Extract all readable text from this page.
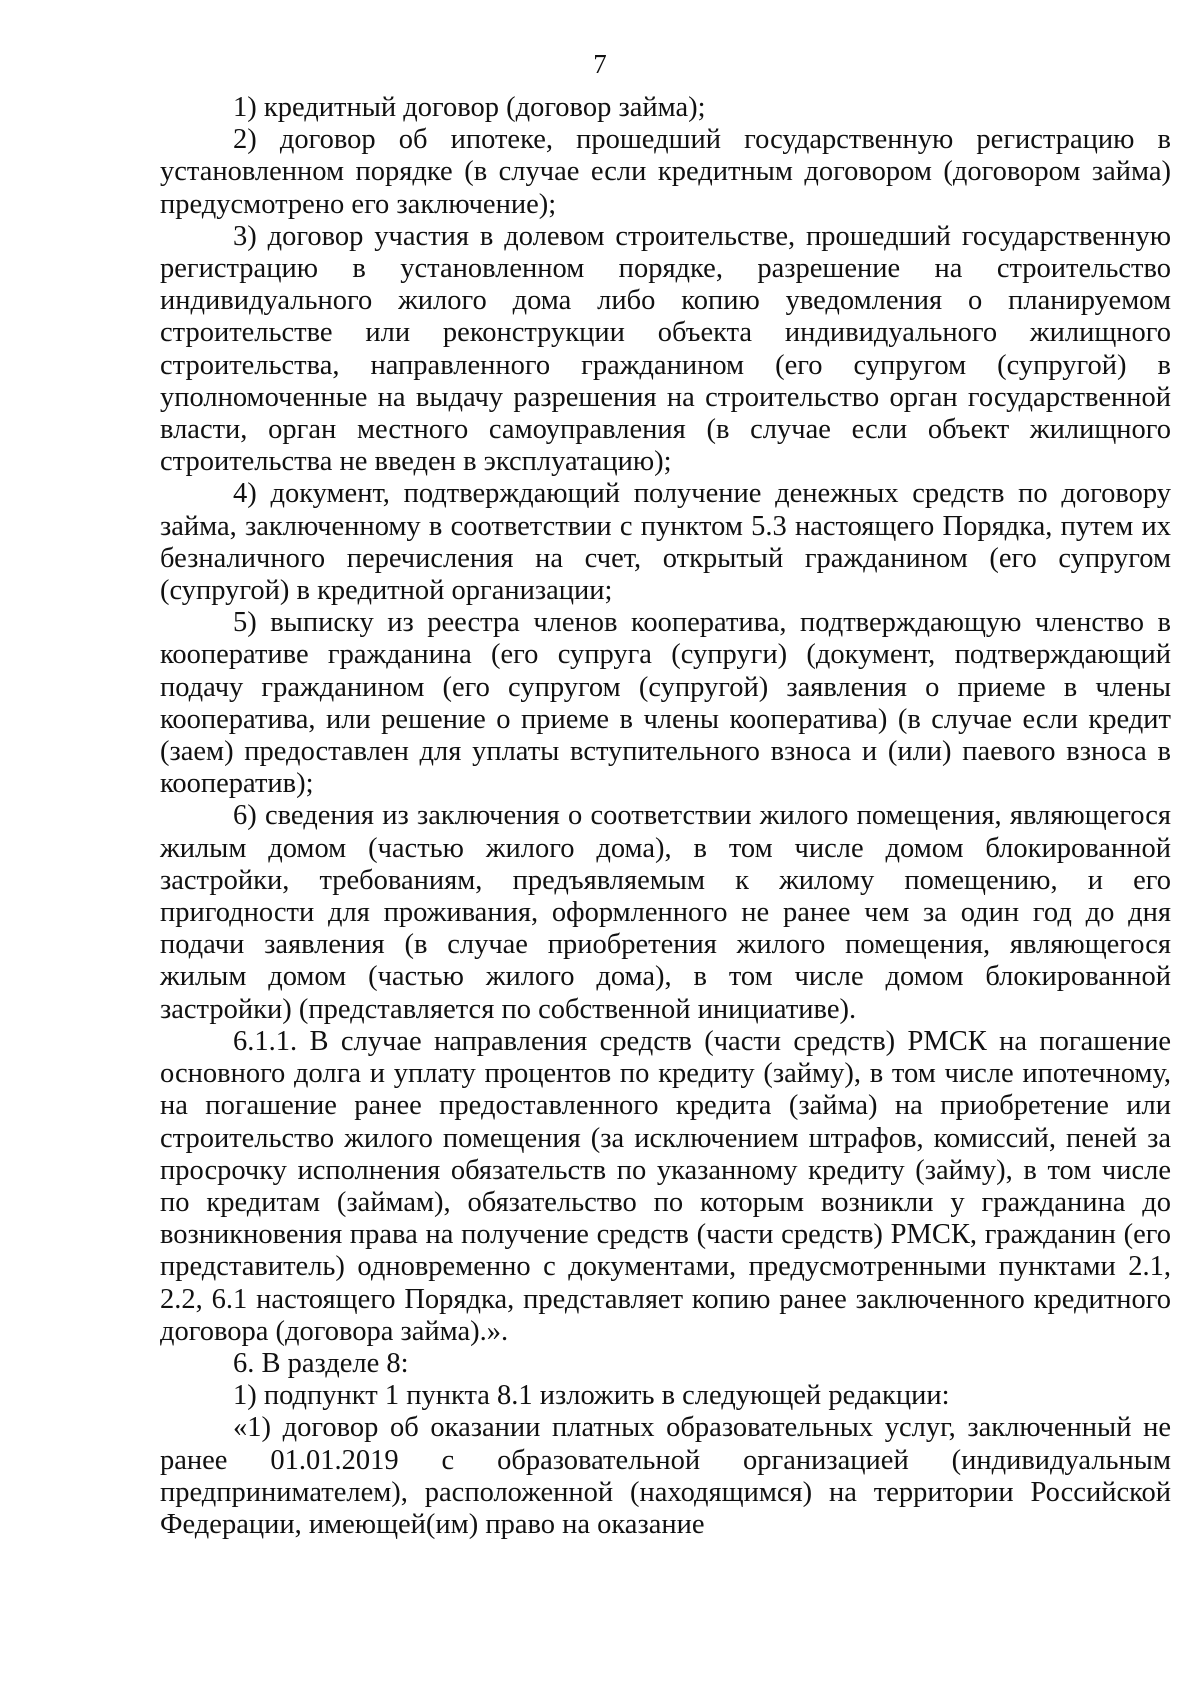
7

1) кредитный договор (договор займа);

2) договор об ипотеке, прошедший государственную регистрацию в установленном порядке (в случае если кредитным договором (договором займа) предусмотрено его заключение);

3) договор участия в долевом строительстве, прошедший государственную регистрацию в установленном порядке, разрешение на строительство индивидуального жилого дома либо копию уведомления о планируемом строительстве или реконструкции объекта индивидуального жилищного строительства, направленного гражданином (его супругом (супругой) в уполномоченные на выдачу разрешения на строительство орган государственной власти, орган местного самоуправления (в случае если объект жилищного строительства не введен в эксплуатацию);

4) документ, подтверждающий получение денежных средств по договору займа, заключенному в соответствии с пунктом 5.3 настоящего Порядка, путем их безналичного перечисления на счет, открытый гражданином (его супругом (супругой) в кредитной организации;

5) выписку из реестра членов кооператива, подтверждающую членство в кооперативе гражданина (его супруга (супруги) (документ, подтверждающий подачу гражданином (его супругом (супругой) заявления о приеме в члены кооператива, или решение о приеме в члены кооператива) (в случае если кредит (заем) предоставлен для уплаты вступительного взноса и (или) паевого взноса в кооператив);

6) сведения из заключения о соответствии жилого помещения, являющегося жилым домом (частью жилого дома), в том числе домом блокированной застройки, требованиям, предъявляемым к жилому помещению, и его пригодности для проживания, оформленного не ранее чем за один год до дня подачи заявления (в случае приобретения жилого помещения, являющегося жилым домом (частью жилого дома), в том числе домом блокированной застройки) (представляется по собственной инициативе).

6.1.1. В случае направления средств (части средств) РМСК на погашение основного долга и уплату процентов по кредиту (займу), в том числе ипотечному, на погашение ранее предоставленного кредита (займа) на приобретение или строительство жилого помещения (за исключением штрафов, комиссий, пеней за просрочку исполнения обязательств по указанному кредиту (займу), в том числе по кредитам (займам), обязательство по которым возникли у гражданина до возникновения права на получение средств (части средств) РМСК, гражданин (его представитель) одновременно с документами, предусмотренными пунктами 2.1, 2.2, 6.1 настоящего Порядка, представляет копию ранее заключенного кредитного договора (договора займа).».

6. В разделе 8:

1) подпункт 1 пункта 8.1 изложить в следующей редакции:

«1) договор об оказании платных образовательных услуг, заключенный не ранее 01.01.2019 с образовательной организацией (индивидуальным предпринимателем), расположенной (находящимся) на территории Российской Федерации, имеющей(им) право на оказание
